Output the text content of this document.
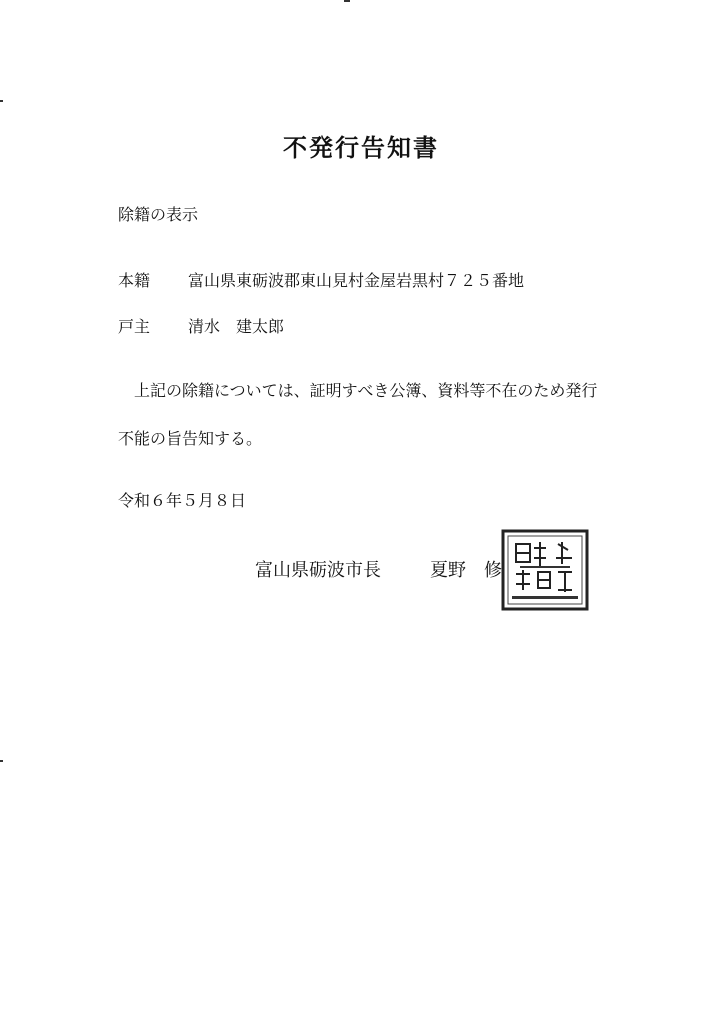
不発行告知書
除籍の表示
本籍 富山県東砺波郡東山見村金屋岩黒村７２５番地
戸主 清水　建太郎
上記の除籍については、証明すべき公簿、資料等不在のため発行
不能の旨告知する。
令和６年５月８日
富山県砺波市長	夏野　修
